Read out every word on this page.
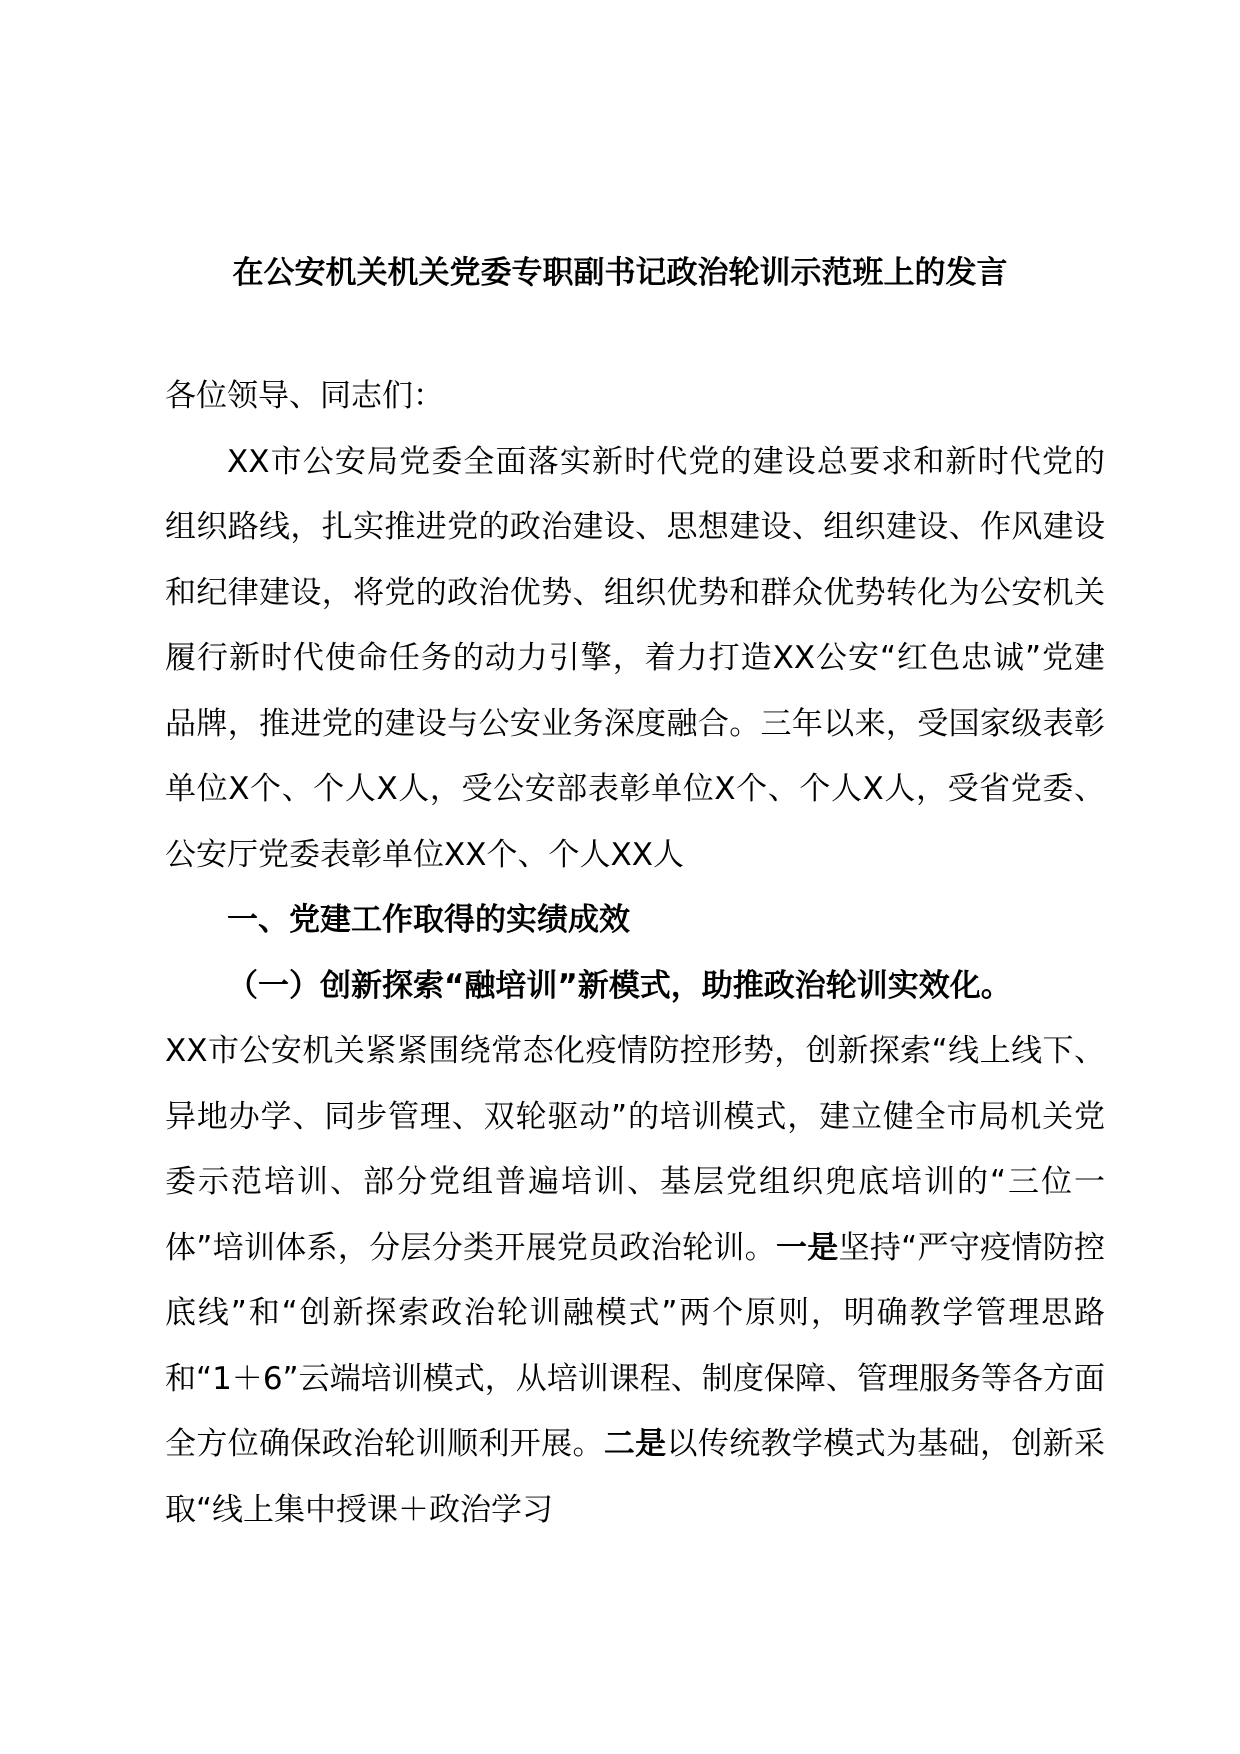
在公安机关机关党委专职副书记政治轮训示范班上的发言

各位领导、同志们：

XX市公安局党委全面落实新时代党的建设总要求和新时代党的组织路线，扎实推进党的政治建设、思想建设、组织建设、作风建设和纪律建设，将党的政治优势、组织优势和群众优势转化为公安机关履行新时代使命任务的动力引擎，着力打造XX公安“红色忠诚”党建品牌，推进党的建设与公安业务深度融合。三年以来，受国家级表彰单位X个、个人X人，受公安部表彰单位X个、个人X人，受省党委、公安厅党委表彰单位XX个、个人XX人

一、党建工作取得的实绩成效

（一）创新探索“融培训”新模式，助推政治轮训实效化。

XX市公安机关紧紧围绕常态化疫情防控形势，创新探索“线上线下、异地办学、同步管理、双轮驱动”的培训模式，建立健全市局机关党委示范培训、部分党组普遍培训、基层党组织兜底培训的“三位一体”培训体系，分层分类开展党员政治轮训。一是坚持“严守疫情防控底线”和“创新探索政治轮训融模式”两个原则，明确教学管理思路和“1＋6”云端培训模式，从培训课程、制度保障、管理服务等各方面全方位确保政治轮训顺利开展。二是以传统教学模式为基础，创新采取“线上集中授课＋政治学习
